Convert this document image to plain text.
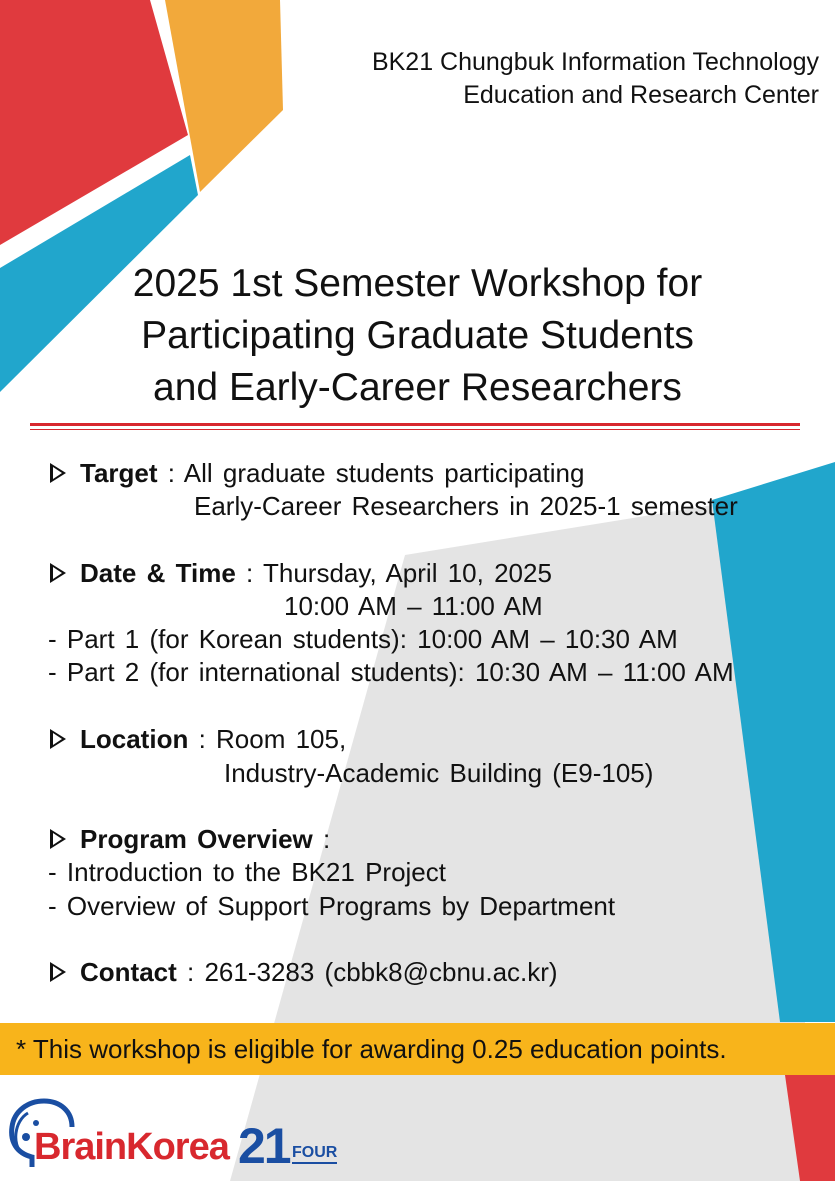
BK21 Chungbuk Information Technology
Education and Research Center
2025 1st Semester Workshop for
Participating Graduate Students
and Early-Career Researchers
Target : All graduate students participating
Early-Career Researchers in 2025-1 semester
Date & Time : Thursday, April 10, 2025
10:00 AM – 11:00 AM
- Part 1 (for Korean students): 10:00 AM – 10:30 AM
- Part 2 (for international students): 10:30 AM – 11:00 AM
Location : Room 105,
Industry-Academic Building (E9-105)
Program Overview :
- Introduction to the BK21 Project
- Overview of Support Programs by Department
Contact : 261-3283 (cbbk8@cbnu.ac.kr)
* This workshop is eligible for awarding 0.25 education points.
BrainKorea 21 FOUR
